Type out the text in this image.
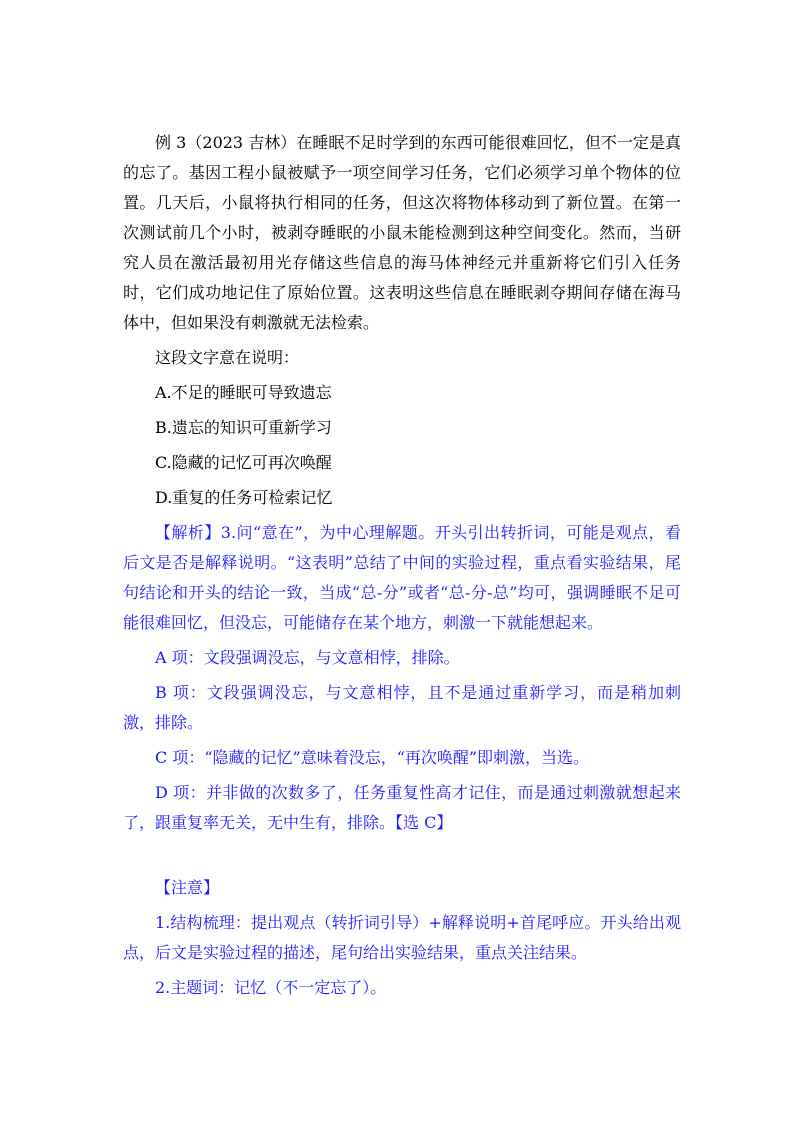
例 3（2023 吉林）在睡眠不足时学到的东西可能很难回忆，但不一定是真的忘了。基因工程小鼠被赋予一项空间学习任务，它们必须学习单个物体的位置。几天后，小鼠将执行相同的任务，但这次将物体移动到了新位置。在第一次测试前几个小时，被剥夺睡眠的小鼠未能检测到这种空间变化。然而，当研究人员在激活最初用光存储这些信息的海马体神经元并重新将它们引入任务时，它们成功地记住了原始位置。这表明这些信息在睡眠剥夺期间存储在海马体中，但如果没有刺激就无法检索。

这段文字意在说明：

A.不足的睡眠可导致遗忘

B.遗忘的知识可重新学习

C.隐藏的记忆可再次唤醒

D.重复的任务可检索记忆

【解析】3.问“意在”，为中心理解题。开头引出转折词，可能是观点，看后文是否是解释说明。“这表明”总结了中间的实验过程，重点看实验结果，尾句结论和开头的结论一致，当成“总-分”或者“总-分-总”均可，强调睡眠不足可能很难回忆，但没忘，可能储存在某个地方，刺激一下就能想起来。

A 项：文段强调没忘，与文意相悖，排除。

B 项：文段强调没忘，与文意相悖，且不是通过重新学习，而是稍加刺激，排除。

C 项：“隐藏的记忆”意味着没忘，“再次唤醒”即刺激，当选。

D 项：并非做的次数多了，任务重复性高才记住，而是通过刺激就想起来了，跟重复率无关，无中生有，排除。【选 C】

【注意】

1.结构梳理：提出观点（转折词引导）+解释说明+首尾呼应。开头给出观点，后文是实验过程的描述，尾句给出实验结果，重点关注结果。

2.主题词：记忆（不一定忘了）。
